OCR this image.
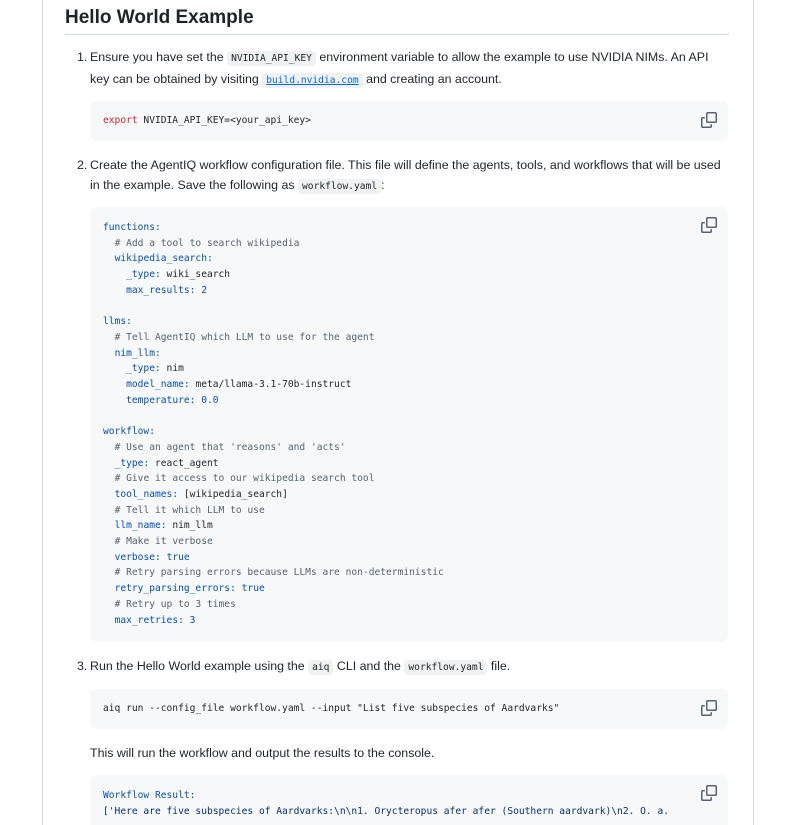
Hello World Example
1. Ensure you have set the NVIDIA_API_KEY environment variable to allow the example to use NVIDIA NIMs. An API key can be obtained by visiting build.nvidia.com and creating an account.
export NVIDIA_API_KEY=<your_api_key>
2. Create the AgentIQ workflow configuration file. This file will define the agents, tools, and workflows that will be used in the example. Save the following as workflow.yaml :
functions:
# Add a tool to search wikipedia
wikipedia_search:
_type: wiki_search
max_results: 2

llms:
# Tell AgentIQ which LLM to use for the agent
nim_llm:
_type: nim
model_name: meta/llama-3.1-70b-instruct
temperature: 0.0

workflow:
# Use an agent that 'reasons' and 'acts'
_type: react_agent
# Give it access to our wikipedia search tool
tool_names: [wikipedia_search]
# Tell it which LLM to use
llm_name: nim_llm
# Make it verbose
verbose: true
# Retry parsing errors because LLMs are non-deterministic
retry_parsing_errors: true
# Retry up to 3 times
max_retries: 3
3. Run the Hello World example using the aiq CLI and the workflow.yaml file.
aiq run --config_file workflow.yaml --input "List five subspecies of Aardvarks"
This will run the workflow and output the results to the console.
Workflow Result:
['Here are five subspecies of Aardvarks:\n\n1. Orycteropus afer afer (Southern aardvark)\n2. O. a.
